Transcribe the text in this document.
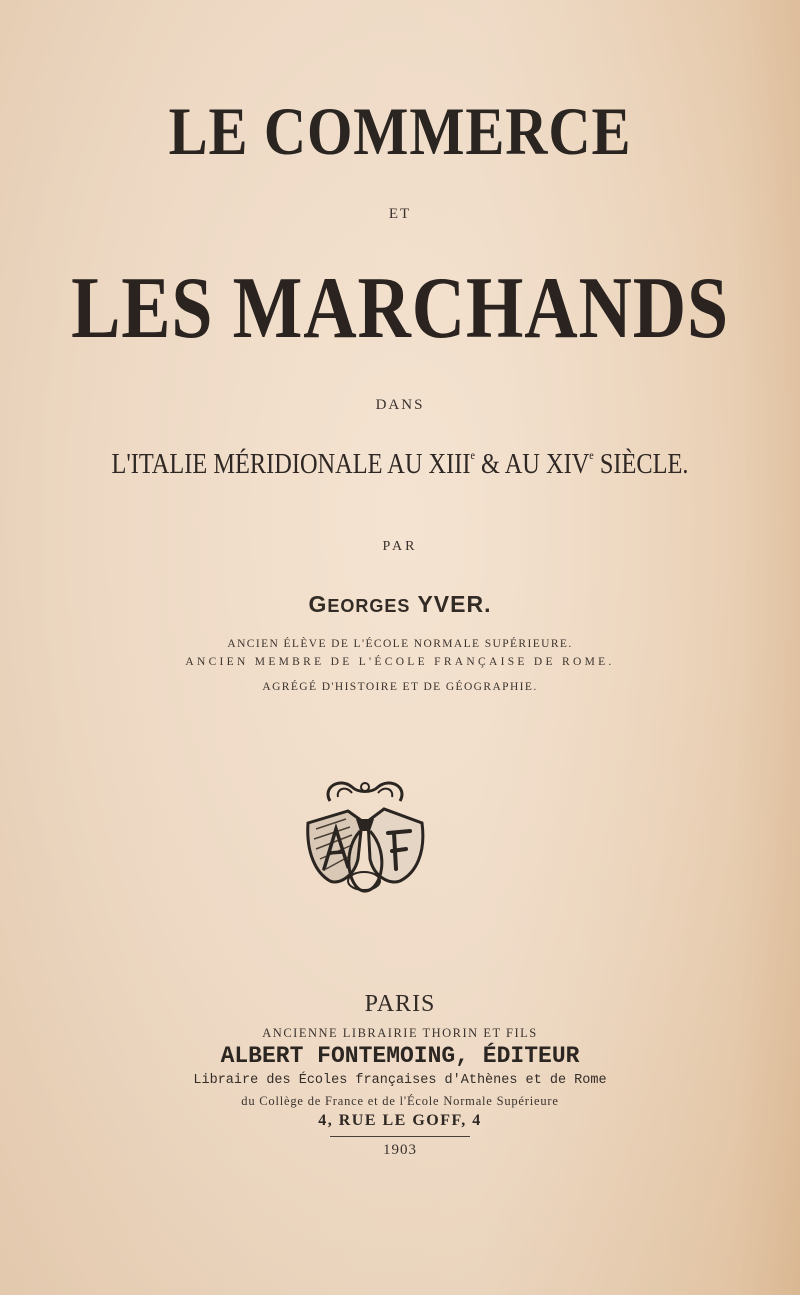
LE COMMERCE

ET

LES MARCHANDS

DANS

L'ITALIE MÉRIDIONALE AU XIIIe & AU XIVe SIÈCLE.

PAR

GEORGES YVER.

ANCIEN ÉLÈVE DE L'ÉCOLE NORMALE SUPÉRIEURE.

ANCIEN MEMBRE DE L'ÉCOLE FRANÇAISE DE ROME.

AGRÉGÉ D'HISTOIRE ET DE GÉOGRAPHIE.

PARIS

ANCIENNE LIBRAIRIE THORIN ET FILS

ALBERT FONTEMOING, ÉDITEUR

Libraire des Écoles françaises d'Athènes et de Rome

du Collège de France et de l'École Normale Supérieure

4, RUE LE GOFF, 4

1903
